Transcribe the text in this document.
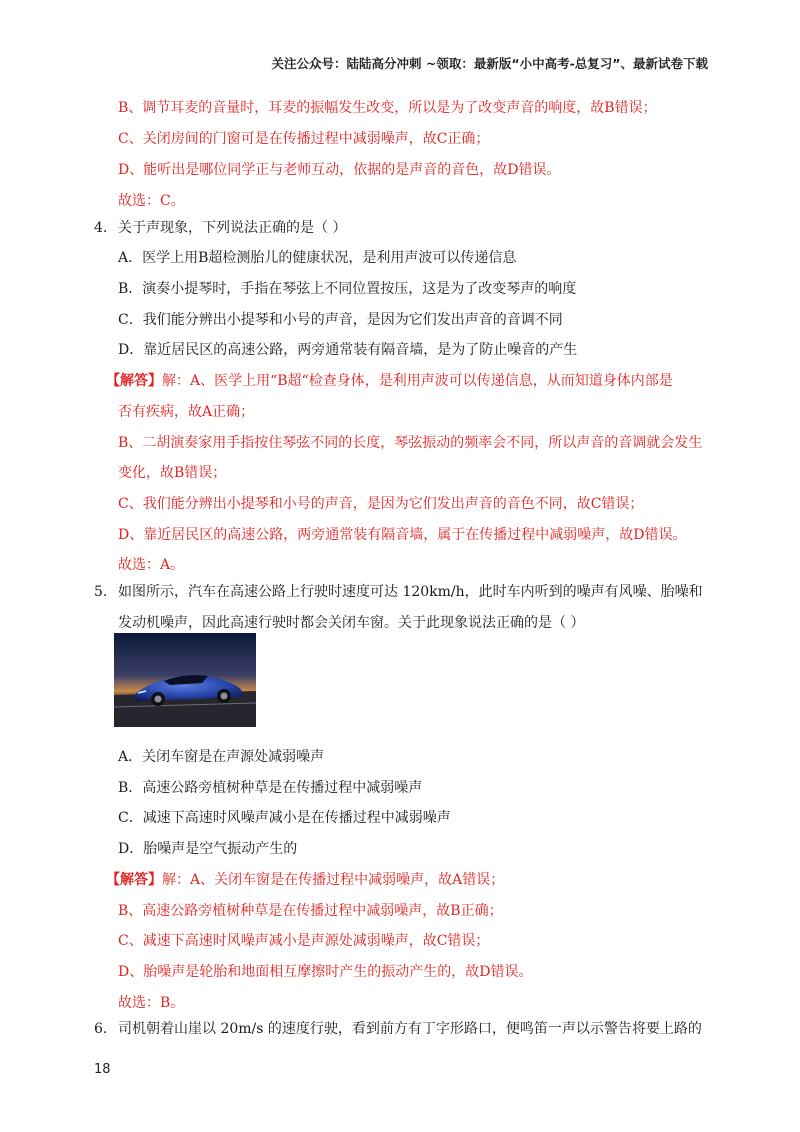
关注公众号：陆陆高分冲刺 ~领取：最新版“小中高考-总复习”、最新试卷下载
B、调节耳麦的音量时，耳麦的振幅发生改变，所以是为了改变声音的响度，故B错误；
C、关闭房间的门窗可是在传播过程中减弱噪声，故C正确；
D、能听出是哪位同学正与老师互动，依据的是声音的音色，故D错误。
故选：C。
4. 关于声现象，下列说法正确的是（ ）
A．医学上用B超检测胎儿的健康状况，是利用声波可以传递信息
B．演奏小提琴时，手指在琴弦上不同位置按压，这是为了改变琴声的响度
C．我们能分辨出小提琴和小号的声音，是因为它们发出声音的音调不同
D．靠近居民区的高速公路，两旁通常装有隔音墙，是为了防止噪音的产生
【解答】解：A、医学上用“B超“检查身体，是利用声波可以传递信息，从而知道身体内部是
否有疾病，故A正确；
B、二胡演奏家用手指按住琴弦不同的长度，琴弦振动的频率会不同，所以声音的音调就会发生
变化，故B错误；
C、我们能分辨出小提琴和小号的声音，是因为它们发出声音的音色不同，故C错误；
D、靠近居民区的高速公路，两旁通常装有隔音墙，属于在传播过程中减弱噪声，故D错误。
故选：A。
5. 如图所示，汽车在高速公路上行驶时速度可达 120km/h，此时车内听到的噪声有风噪、胎噪和
发动机噪声，因此高速行驶时都会关闭车窗。关于此现象说法正确的是（ ）
A．关闭车窗是在声源处减弱噪声
B．高速公路旁植树种草是在传播过程中减弱噪声
C．减速下高速时风噪声减小是在传播过程中减弱噪声
D．胎噪声是空气振动产生的
【解答】解：A、关闭车窗是在传播过程中减弱噪声，故A错误；
B、高速公路旁植树种草是在传播过程中减弱噪声，故B正确；
C、减速下高速时风噪声减小是声源处减弱噪声，故C错误；
D、胎噪声是轮胎和地面相互摩擦时产生的振动产生的，故D错误。
故选：B。
6. 司机朝着山崖以 20m/s 的速度行驶，看到前方有丁字形路口，便鸣笛一声以示警告将要上路的
18
